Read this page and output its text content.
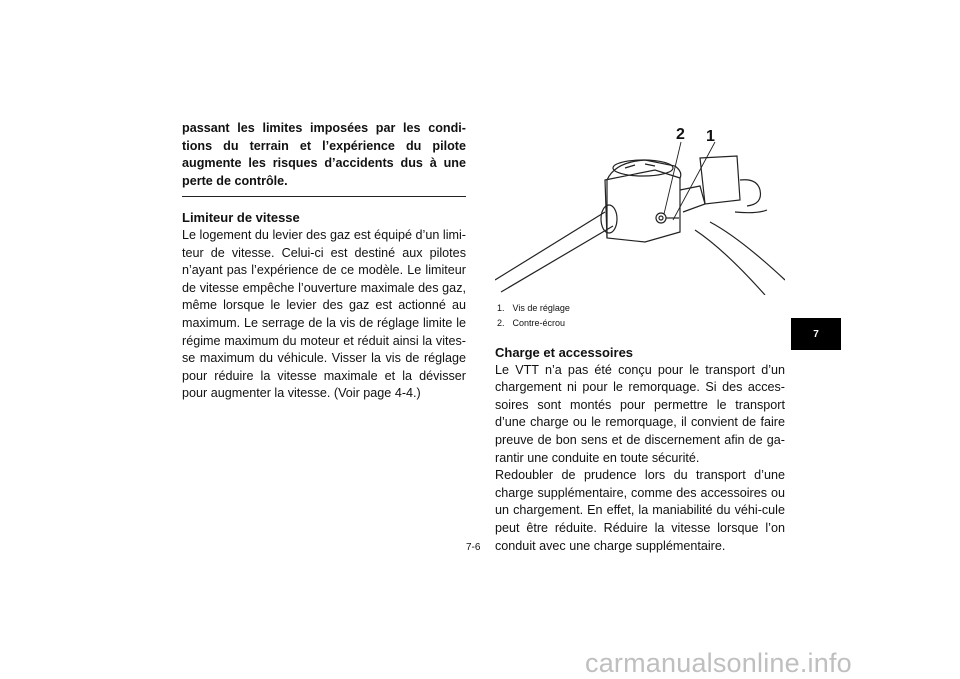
passant les limites imposées par les condi-tions du terrain et l’expérience du pilote augmente les risques d’accidents dus à une perte de contrôle.

Limiteur de vitesse

Le logement du levier des gaz est équipé d’un limi-teur de vitesse. Celui-ci est destiné aux pilotes n’ayant pas l’expérience de ce modèle. Le limiteur de vitesse empêche l’ouverture maximale des gaz, même lorsque le levier des gaz est actionné au maximum. Le serrage de la vis de réglage limite le régime maximum du moteur et réduit ainsi la vites-se maximum du véhicule. Visser la vis de réglage pour réduire la vitesse maximale et la dévisser pour augmenter la vitesse. (Voir page 4-4.)

2 1
1. Vis de réglage
2. Contre-écrou

Charge et accessoires

Le VTT n’a pas été conçu pour le transport d’un chargement ni pour le remorquage. Si des acces-soires sont montés pour permettre le transport d’une charge ou le remorquage, il convient de faire preuve de bon sens et de discernement afin de ga-rantir une conduite en toute sécurité.

Redoubler de prudence lors du transport d’une charge supplémentaire, comme des accessoires ou un chargement. En effet, la maniabilité du véhi-cule peut être réduite. Réduire la vitesse lorsque l’on conduit avec une charge supplémentaire.

7-6
7
carmanualsonline.info
